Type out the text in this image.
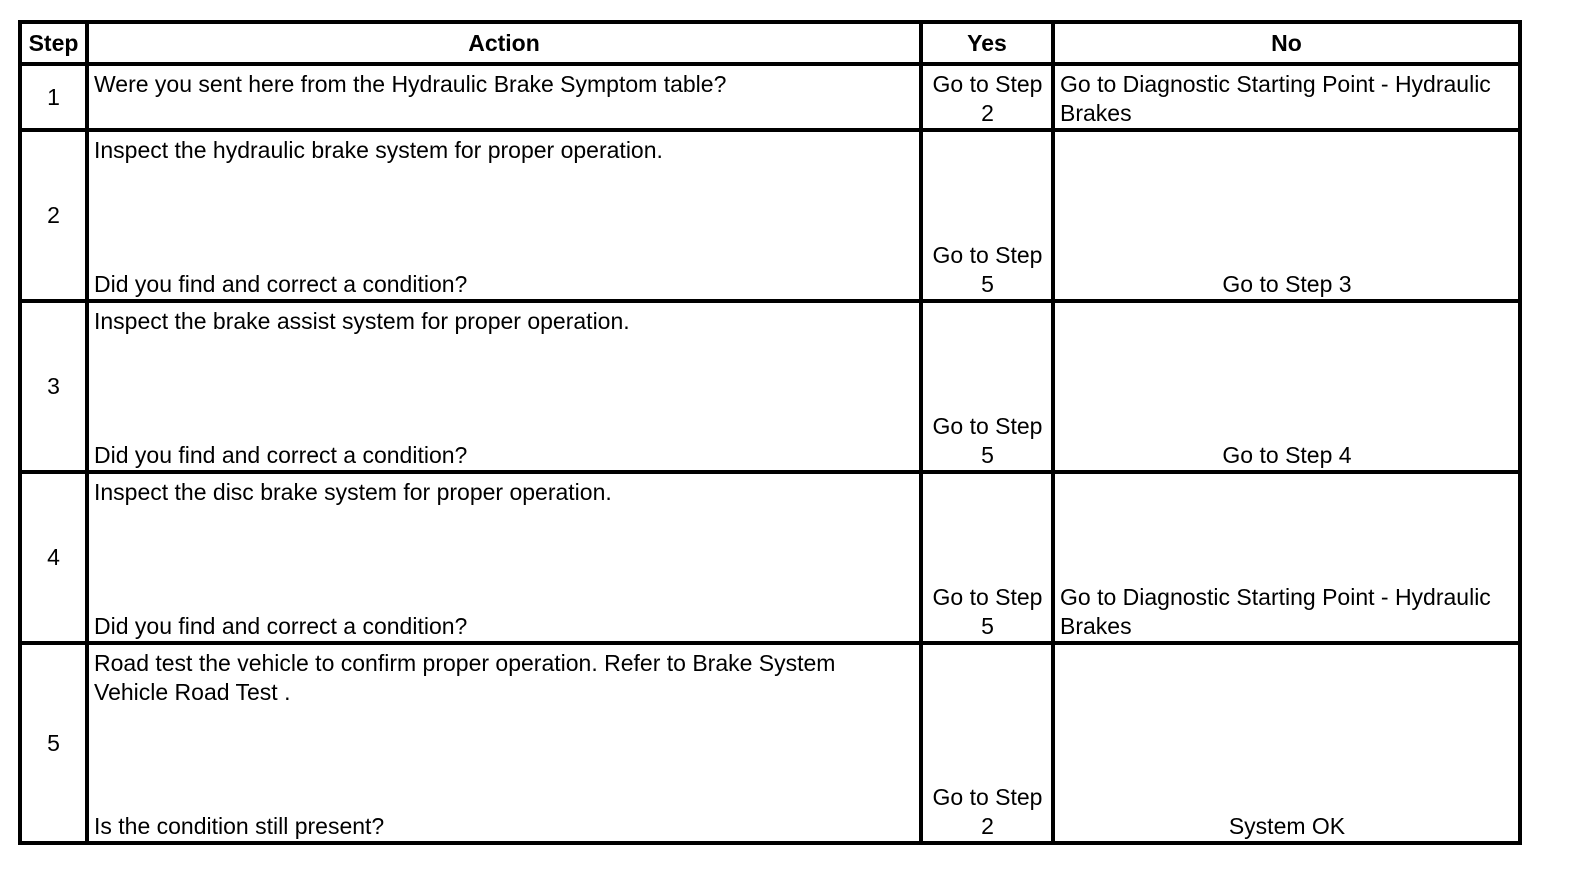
Step	Action	Yes	No
1	Were you sent here from the Hydraulic Brake Symptom table?	Go to Step 2	Go to Diagnostic Starting Point - Hydraulic Brakes

2	Inspect the hydraulic brake system for proper operation.
Did you find and correct a condition?	Go to Step 5	Go to Step 3

3	Inspect the brake assist system for proper operation.
Did you find and correct a condition?	Go to Step 5	Go to Step 4

4	Inspect the disc brake system for proper operation.
Did you find and correct a condition?	Go to Step 5	Go to Diagnostic Starting Point - Hydraulic Brakes

5	Road test the vehicle to confirm proper operation. Refer to Brake System Vehicle Road Test .
Is the condition still present?	Go to Step 2	System OK
